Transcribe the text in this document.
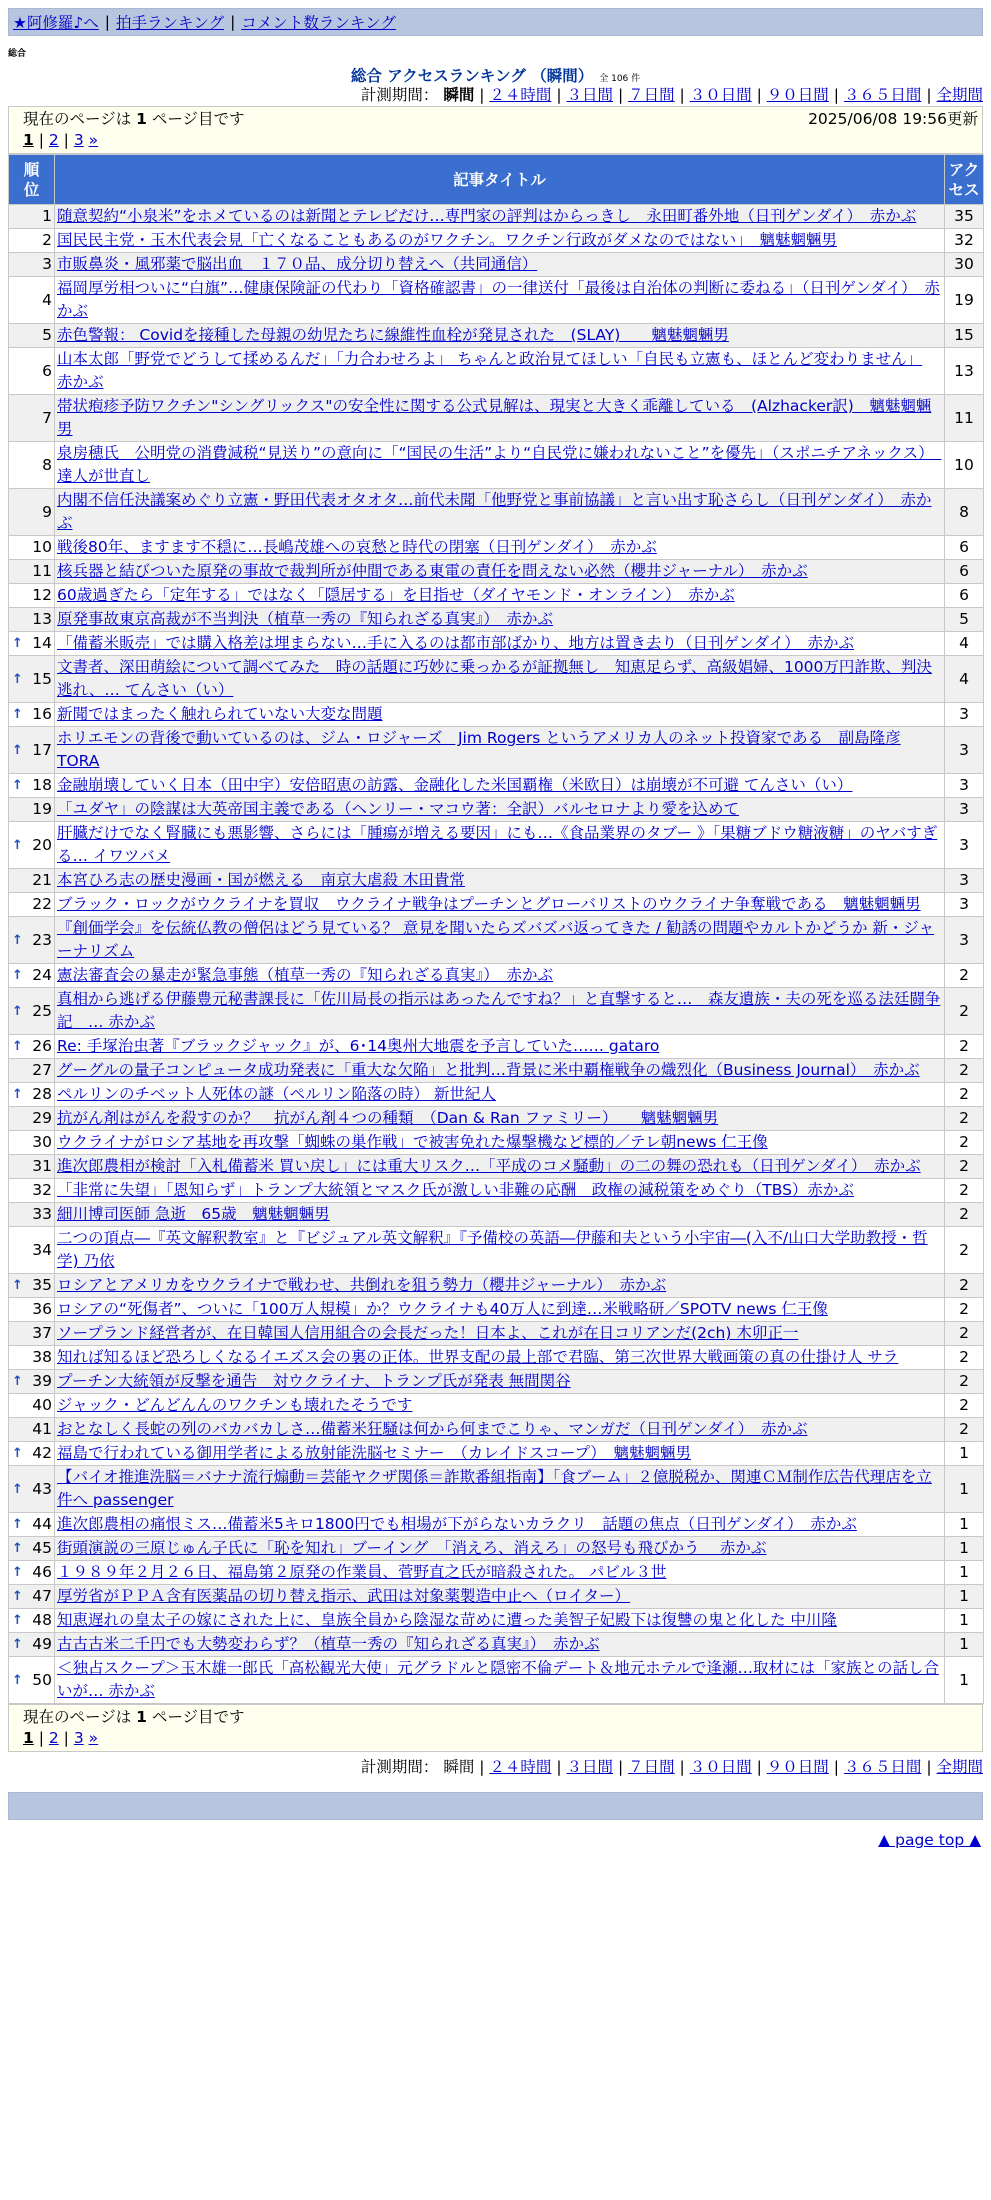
★阿修羅♪へ | 拍手ランキング | コメント数ランキング
総合
総合 アクセスランキング （瞬間） 全 106 件
計測期間： 瞬間 | ２４時間 | ３日間 | ７日間 | ３０日間 | ９０日間 | ３６５日間 | 全期間
現在のページは 1 ページ目です	2025/06/08 19:56更新
1 | 2 | 3 »
順
位	記事タイトル	アク
セス
1	随意契約“小泉米”をホメているのは新聞とテレビだけ…専門家の評判はからっきし　永田町番外地（日刊ゲンダイ）　赤かぶ	35
2	国民民主党・玉木代表会見「亡くなることもあるのがワクチン。ワクチン行政がダメなのではない」　魑魅魍魎男	32
3	市販鼻炎・風邪薬で脳出血　１７０品、成分切り替えへ（共同通信）	30
4	福岡厚労相ついに“白旗”…健康保険証の代わり「資格確認書」の一律送付「最後は自治体の判断に委ねる」（日刊ゲンダイ）　赤かぶ	19
5	赤色警報： Covidを接種した母親の幼児たちに線維性血栓が発見された　(SLAY)　　魑魅魍魎男	15
6	山本太郎「野党でどうして揉めるんだ」「力合わせろよ」 ちゃんと政治見てほしい「自民も立憲も、ほとんど変わりません」 赤かぶ	13
7	帯状疱疹予防ワクチン"シングリックス"の安全性に関する公式見解は、現実と大きく乖離している　(Alzhacker訳)　魑魅魍魎男	11
8	泉房穂氏　公明党の消費減税“見送り”の意向に「“国民の生活”より“自民党に嫌われないこと”を優先」（スポニチアネックス）　達人が世直し	10
9	内閣不信任決議案めぐり立憲・野田代表オタオタ…前代未聞「他野党と事前協議」と言い出す恥さらし（日刊ゲンダイ）　赤かぶ	8
10	戦後80年、ますます不穏に…長嶋茂雄への哀愁と時代の閉塞（日刊ゲンダイ）　赤かぶ	6
11	核兵器と結びついた原発の事故で裁判所が仲間である東電の責任を問えない必然（櫻井ジャーナル）　赤かぶ	6
12	60歳過ぎたら「定年する」ではなく「隠居する」を目指せ（ダイヤモンド・オンライン）　赤かぶ	6
13	原発事故東京高裁が不当判決（植草一秀の『知られざる真実』）　赤かぶ	5

↑ 14	「備蓄米販売」では購入格差は埋まらない…手に入るのは都市部ばかり、地方は置き去り（日刊ゲンダイ）　赤かぶ	4

↑ 15	文書者、深田萌絵について調べてみた　時の話題に巧妙に乗っかるが証拠無し　知恵足らず、高級娼婦、1000万円詐欺、判決逃れ、… てんさい（い）	4

↑ 16	新聞ではまったく触れられていない大変な問題	3

↑ 17	ホリエモンの背後で動いているのは、ジム・ロジャーズ　Jim Rogers というアメリカ人のネット投資家である　副島隆彦 TORA	3

↑ 18	金融崩壊していく日本（田中宇）安倍昭恵の訪露、金融化した米国覇権（米欧日）は崩壊が不可避 てんさい（い）	3
19	「ユダヤ」の陰謀は大英帝国主義である（ヘンリー・マコウ著：全訳）バルセロナより愛を込めて	3

↑ 20	肝臓だけでなく腎臓にも悪影響、さらには「腫瘍が増える要因」にも…《食品業界のタブー 》「果糖ブドウ糖液糖」のヤバすぎる… イワツバメ	3
21	本宮ひろ志の歴史漫画・国が燃える　南京大虐殺 木田貴常	3
22	ブラック・ロックがウクライナを買収　ウクライナ戦争はプーチンとグローバリストのウクライナ争奪戦である　魑魅魍魎男	3

↑ 23	『創価学会』を伝統仏教の僧侶はどう見ている？ 意見を聞いたらズバズバ返ってきた / 勧誘の問題やカルトかどうか 新・ジャーナリズム	3

↑ 24	憲法審査会の暴走が緊急事態（植草一秀の『知られざる真実』）　赤かぶ	2

↑ 25	真相から逃げる伊藤豊元秘書課長に「佐川局長の指示はあったんですね？」と直撃すると…　森友遺族・夫の死を巡る法廷闘争記　… 赤かぶ	2

↑ 26	Re: 手塚治虫著『ブラックジャック』が、6･14奥州大地震を予言していた…… gataro	2
27	グーグルの量子コンピュータ成功発表に「重大な欠陥」と批判…背景に米中覇権戦争の熾烈化（Business Journal）　赤かぶ	2

↑ 28	ペルリンのチベット人死体の謎（ペルリン陥落の時） 新世紀人	2
29	抗がん剤はがんを殺すのか？　抗がん剤４つの種類　（Dan & Ran ファミリー）　　魑魅魍魎男	2
30	ウクライナがロシア基地を再攻撃「蜘蛛の巣作戦」で被害免れた爆撃機など標的／テレ朝news 仁王像	2
31	進次郎農相が検討「入札備蓄米 買い戻し」には重大リスク…「平成のコメ騒動」の二の舞の恐れも（日刊ゲンダイ）　赤かぶ	2
32	「非常に失望」「恩知らず」トランプ大統領とマスク氏が激しい非難の応酬　政権の減税策をめぐり（TBS）赤かぶ	2
33	細川博司医師 急逝　65歳　魑魅魍魎男	2
34	二つの頂点―『英文解釈教室』と『ビジュアル英文解釈』『予備校の英語―伊藤和夫という小宇宙―(入不/山口大学助教授・哲学) 乃依	2

↑ 35	ロシアとアメリカをウクライナで戦わせ、共倒れを狙う勢力（櫻井ジャーナル）　赤かぶ	2
36	ロシアの“死傷者”、ついに「100万人規模」か？ウクライナも40万人に到達…米戦略研／SPOTV news 仁王像	2
37	ソープランド経営者が、在日韓国人信用組合の会長だった！日本よ、これが在日コリアンだ(2ch) 木卯正一	2
38	知れば知るほど恐ろしくなるイエズス会の裏の正体。世界支配の最上部で君臨、第三次世界大戦画策の真の仕掛け人 サラ	2

↑ 39	プーチン大統領が反撃を通告　対ウクライナ、トランプ氏が発表 無間関谷	2
40	ジャック・どんどんんのワクチンも壊れたそうです	2
41	おとなしく長蛇の列のバカバカしさ…備蓄米狂騒は何から何までこりゃ、マンガだ（日刊ゲンダイ）　赤かぶ	2

↑ 42	福島で行われている御用学者による放射能洗脳セミナー　（カレイドスコープ）　魑魅魍魎男	1

↑ 43	【バイオ推進洗脳＝バナナ流行煽動＝芸能ヤクザ関係＝詐欺番組指南】「食ブーム」２億脱税か、関連ＣＭ制作広告代理店を立件へ passenger	1

↑ 44	進次郎農相の痛恨ミス…備蓄米5キロ1800円でも相場が下がらないカラクリ　話題の焦点（日刊ゲンダイ）　赤かぶ	1

↑ 45	街頭演説の三原じゅん子氏に「恥を知れ」ブーイング　「消えろ、消えろ」の怒号も飛びかう　 赤かぶ	1

↑ 46	１９８９年２月２６日、福島第２原発の作業員、菅野直之氏が暗殺された。 パビル３世	1

↑ 47	厚労省がＰＰＡ含有医薬品の切り替え指示、武田は対象薬製造中止へ（ロイター）	1

↑ 48	知恵遅れの皇太子の嫁にされた上に、皇族全員から陰湿な苛めに遭った美智子妃殿下は復讐の鬼と化した 中川隆	1

↑ 49	古古古米二千円でも大勢変わらず？（植草一秀の『知られざる真実』）　赤かぶ	1

↑ 50	＜独占スクープ＞玉木雄一郎氏「高松観光大使」元グラドルと隠密不倫デート＆地元ホテルで逢瀬…取材には「家族との話し合いが… 赤かぶ	1
現在のページは 1 ページ目です
1 | 2 | 3 »
計測期間： 瞬間 | ２４時間 | ３日間 | ７日間 | ３０日間 | ９０日間 | ３６５日間 | 全期間
▲ page top ▲
